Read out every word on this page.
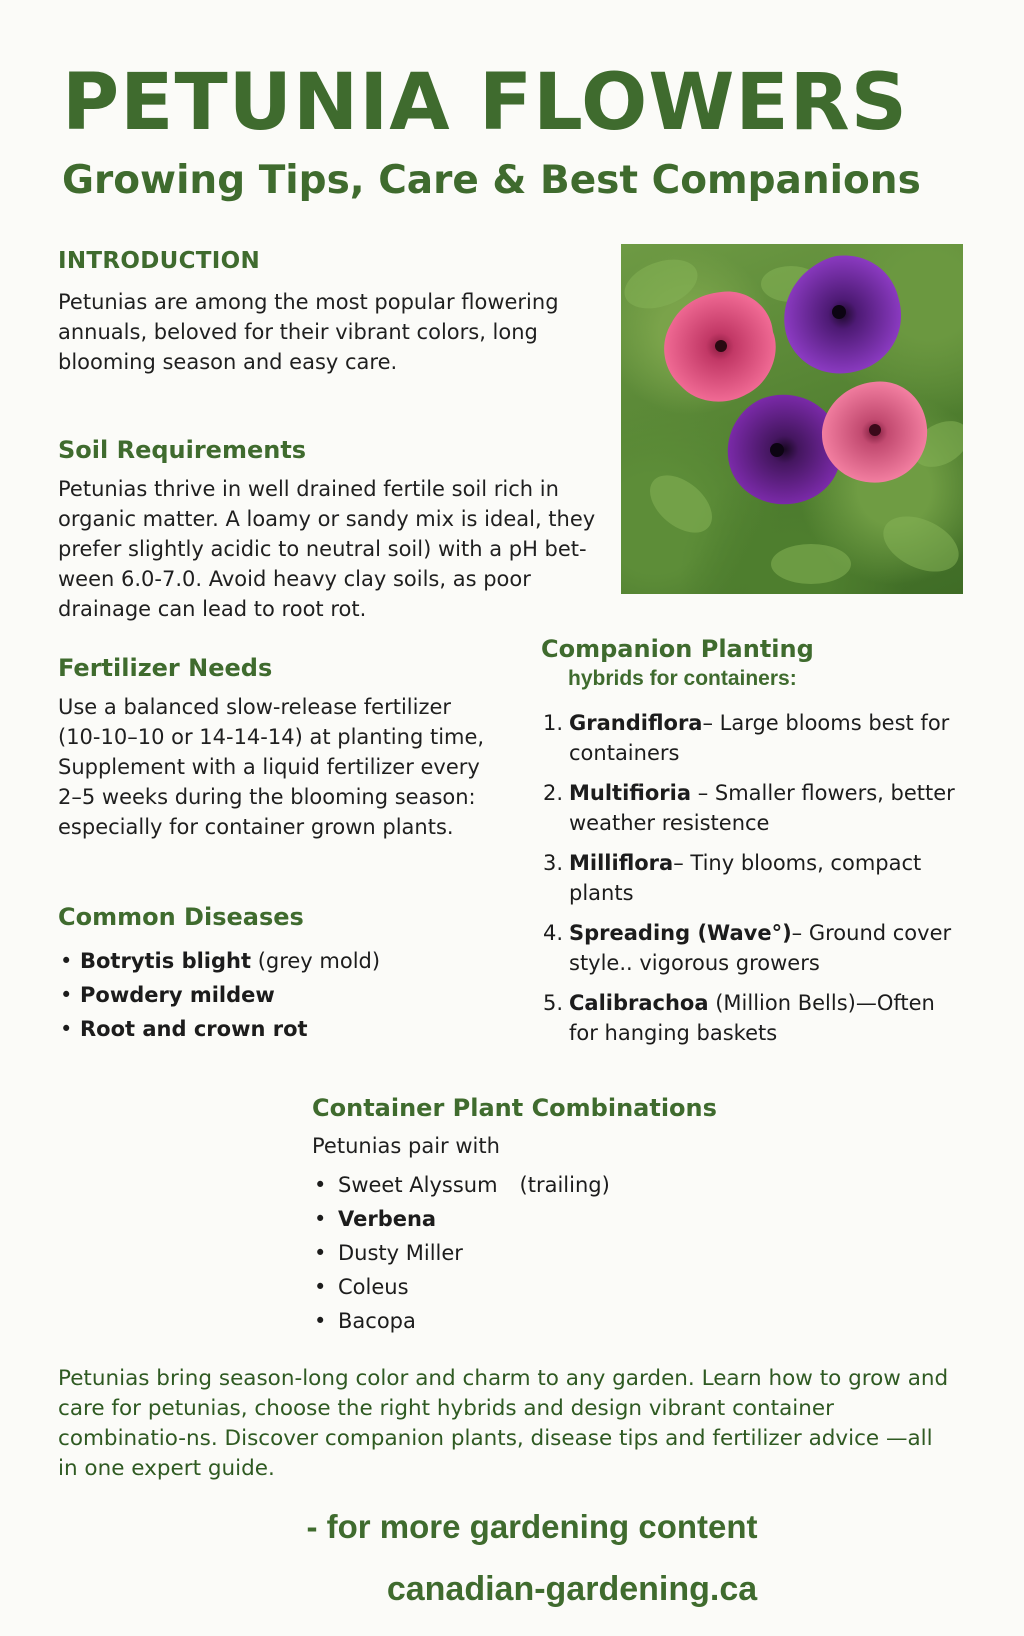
PETUNIA FLOWERS
Growing Tips, Care & Best Companions
INTRODUCTION

Petunias are among the most popular flowering annuals, beloved for their vibrant colors, long blooming season and easy care.

Soil Requirements

Petunias thrive in well drained fertile soil rich in organic matter. A loamy or sandy mix is ideal, they prefer slightly acidic to neutral soil) with a pH bet-ween 6.0-7.0. Avoid heavy clay soils, as poor drainage can lead to root rot.

Fertilizer Needs

Use a balanced slow-release fertilizer (10-10–10 or 14-14-14) at planting time, Supplement with a liquid fertilizer every 2–5 weeks during the blooming season: especially for container grown plants.

Common Diseases
• Botrytis blight (grey mold)
• Powdery mildew
• Root and crown rot
Companion Planting
hybrids for containers:
1. Grandiflora– Large blooms best for containers
2. Multifioria – Smaller flowers, better weather resistence
3. Milliflora– Tiny blooms, compact plants
4. Spreading (Wave°)– Ground cover style.. vigorous growers
5. Calibrachoa (Million Bells)—Often for hanging baskets
Container Plant Combinations
Petunias pair with
• Sweet Alyssum (trailing)
• Verbena
• Dusty Miller
• Coleus
• Bacopa

Petunias bring season-long color and charm to any garden. Learn how to grow and care for petunias, choose the right hybrids and design vibrant container combinatio-ns. Discover companion plants, disease tips and fertilizer advice —all in one expert guide.

- for more gardening content
canadian-gardening.ca
